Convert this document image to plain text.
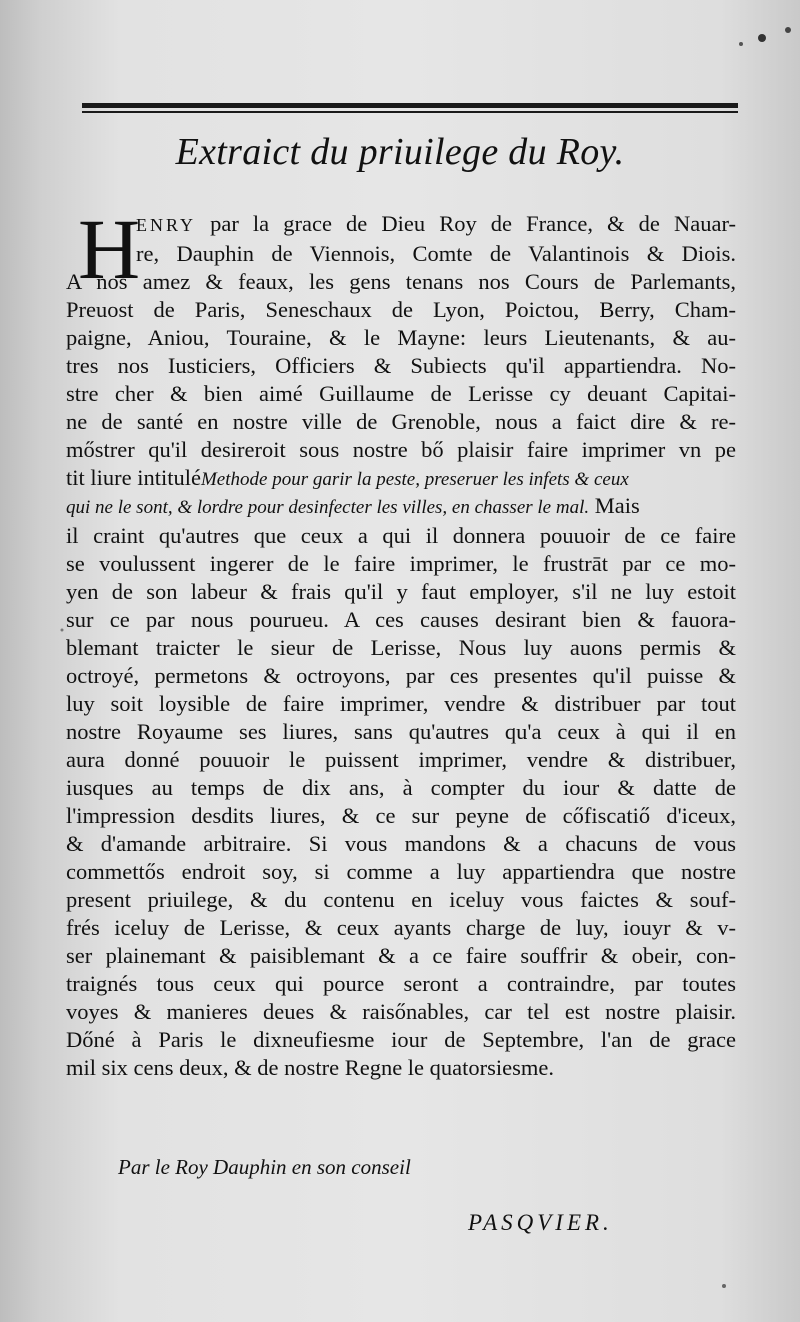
Extraict du priuilege du Roy.
H
ENRY par la grace de Dieu Roy de France, & de Nauar-
re, Dauphin de Viennois, Comte de Valantinois & Diois.
A nos amez & feaux, les gens tenans nos Cours de Parlemants,
Preuost de Paris, Seneschaux de Lyon, Poictou, Berry, Cham-
paigne, Aniou, Touraine, & le Mayne: leurs Lieutenants, & au-
tres nos Iusticiers, Officiers & Subiects qu'il appartiendra. No-
stre cher & bien aimé Guillaume de Lerisse cy deuant Capitai-
ne de santé en nostre ville de Grenoble, nous a faict dire & re-
mőstrer qu'il desireroit sous nostre bő plaisir faire imprimer vn pe
tit liure intituléMethode pour garir la peste, preseruer les infets & ceux
qui ne le sont, & lordre pour desinfecter les villes, en chasser le mal. Mais
il craint qu'autres que ceux a qui il donnera pouuoir de ce faire
se voulussent ingerer de le faire imprimer, le frustrāt par ce mo-
yen de son labeur & frais qu'il y faut employer, s'il ne luy estoit
sur ce par nous pourueu. A ces causes desirant bien & fauora-
blemant traicter le sieur de Lerisse, Nous luy auons permis &
octroyé, permetons & octroyons, par ces presentes qu'il puisse &
luy soit loysible de faire imprimer, vendre & distribuer par tout
nostre Royaume ses liures, sans qu'autres qu'a ceux à qui il en
aura donné pouuoir le puissent imprimer, vendre & distribuer,
iusques au temps de dix ans, à compter du iour & datte de
l'impression desdits liures, & ce sur peyne de cőfiscatiő d'iceux,
& d'amande arbitraire. Si vous mandons & a chacuns de vous
commettős endroit soy, si comme a luy appartiendra que nostre
present priuilege, & du contenu en iceluy vous faictes & souf-
frés iceluy de Lerisse, & ceux ayants charge de luy, iouyr & v-
ser plainemant & paisiblemant & a ce faire souffrir & obeir, con-
traignés tous ceux qui pource seront a contraindre, par toutes
voyes & manieres deues & raisőnables, car tel est nostre plaisir.
Dőné à Paris le dixneufiesme iour de Septembre, l'an de grace
mil six cens deux, & de nostre Regne le quatorsiesme.
Par le Roy Dauphin en son conseil
PASQVIER.
